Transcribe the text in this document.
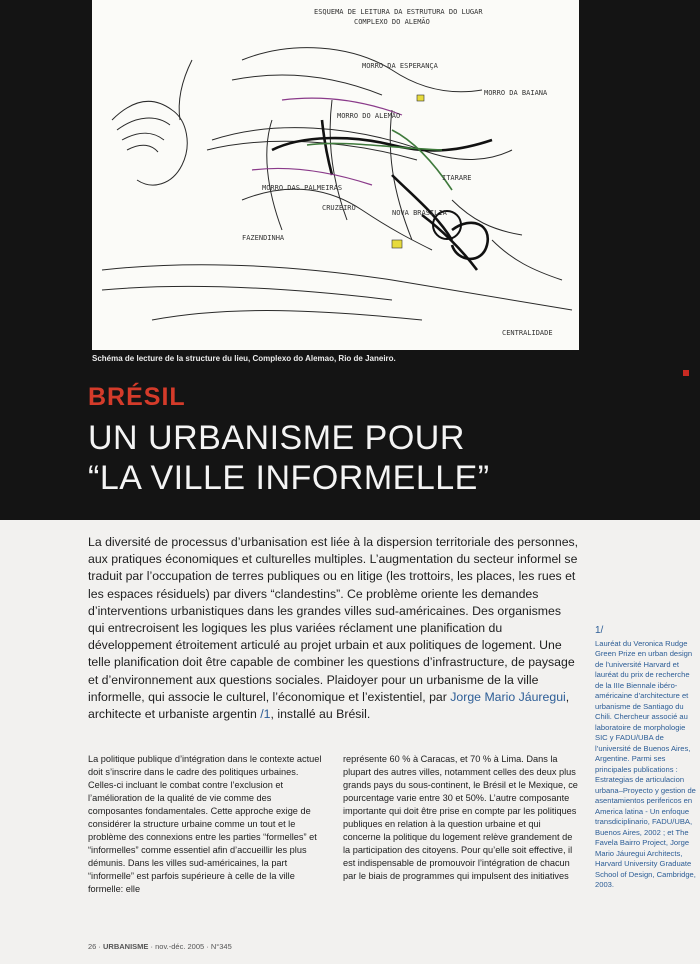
ESQUEMA DE LEITURA DA ESTRUTURA DO LUGAR
COMPLEXO DO ALEMÃO
MORRO DO ALEMÃO
MORRO DA BAIANA
MORRO DA ESPERANÇA
MORRO DAS PALMEIRAS
CRUZEIRO
NOVA BRASILIA
ITARARE
FAZENDINHA
CENTRALIDADE
Schéma de lecture de la structure du lieu, Complexo do Alemao, Rio de Janeiro.
BRÉSIL
UN URBANISME POUR
“LA VILLE INFORMELLE”
La diversité de processus d’urbanisation est liée à la dispersion territoriale des personnes, aux pratiques économiques et culturelles multiples. L’augmentation du secteur informel se traduit par l’occupation de terres publiques ou en litige (les trottoirs, les places, les rues et les espaces résiduels) par divers “clandestins”. Ce problème oriente les demandes d’interventions urbanistiques dans les grandes villes sud-américaines. Des organismes qui entrecroisent les logiques les plus variées réclament une planification du développement étroitement articulé au projet urbain et aux politiques de logement. Une telle planification doit être capable de combiner les questions d’infrastructure, de paysage et d’environnement aux questions sociales. Plaidoyer pour un urbanisme de la ville informelle, qui associe le culturel, l’économique et l’existentiel, par Jorge Mario Jáuregui, architecte et urbaniste argentin /1, installé au Brésil.
La politique publique d’intégration dans le contexte actuel doit s’inscrire dans le cadre des politiques urbaines. Celles-ci incluant le combat contre l’exclusion et l’amélioration de la qualité de vie comme des composantes fondamentales. Cette approche exige de considérer la structure urbaine comme un tout et le problème des connexions entre les parties “formelles” et “informelles” comme essentiel afin d’accueillir les plus démunis. Dans les villes sud-américaines, la part “informelle” est parfois supérieure à celle de la ville formelle: elle
représente 60 % à Caracas, et 70 % à Lima. Dans la plupart des autres villes, notamment celles des deux plus grands pays du sous-continent, le Brésil et le Mexique, ce pourcentage varie entre 30 et 50%. L’autre composante importante qui doit être prise en compte par les politiques publiques en relation à la question urbaine et qui concerne la politique du logement relève grandement de la participation des citoyens. Pour qu’elle soit effective, il est indispensable de promouvoir l’intégration de chacun par le biais de programmes qui impulsent des initiatives
1/
Lauréat du Veronica Rudge Green Prize en urban design de l’université Harvard et lauréat du prix de recherche de la IIIe Biennale ibéro-américaine d’architecture et urbanisme de Santiago du Chili. Chercheur associé au laboratoire de morphologie SIC y FADU/UBA de l’université de Buenos Aires, Argentine. Parmi ses principales publications : Estrategias de articulacion urbana–Proyecto y gestion de asentamientos perifericos en America latina - Un enfoque transdiciplinario, FADU/UBA, Buenos Aires, 2002 ; et The Favela Bairro Project, Jorge Mario Jáuregui Architects, Harvard University Graduate School of Design, Cambridge, 2003.
26 · URBANISME · nov.-déc. 2005 · N°345
